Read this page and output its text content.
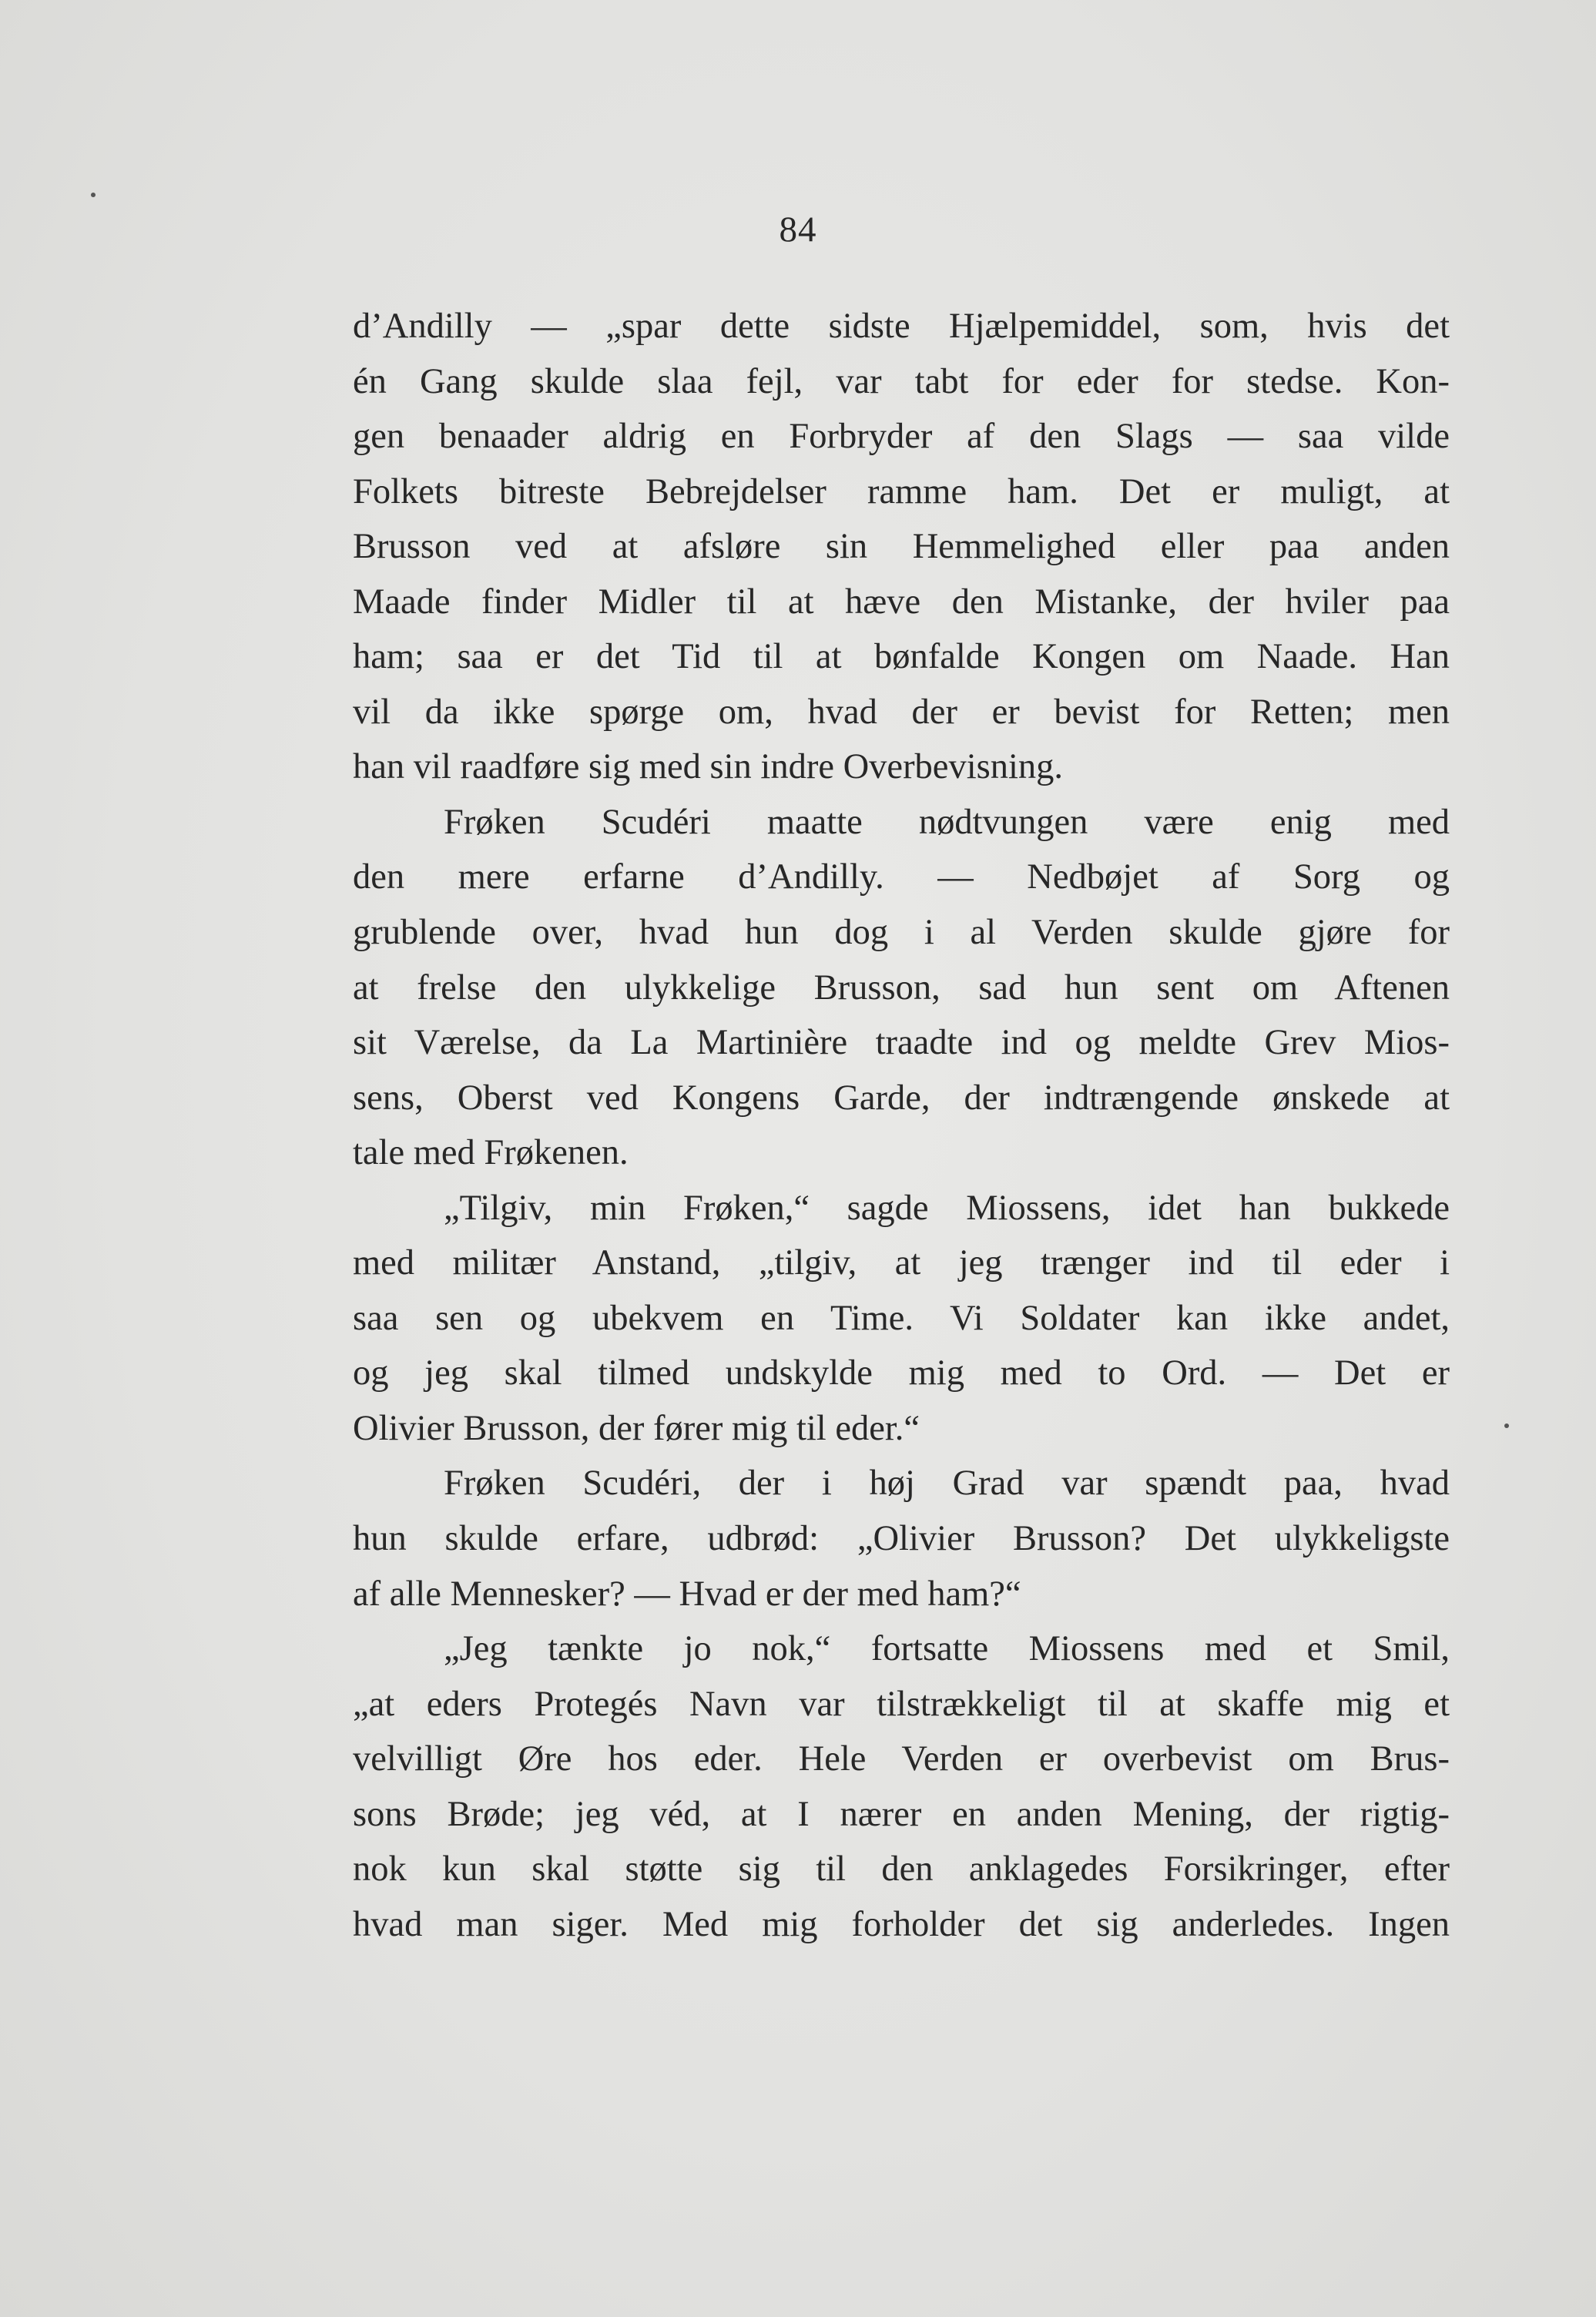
84
d’Andilly — „spar dette sidste Hjælpemiddel, som, hvis det
én Gang skulde slaa fejl, var tabt for eder for stedse. Kon-
gen benaader aldrig en Forbryder af den Slags — saa vilde
Folkets bitreste Bebrejdelser ramme ham. Det er muligt, at
Brusson ved at afsløre sin Hemmelighed eller paa anden
Maade finder Midler til at hæve den Mistanke, der hviler paa
ham; saa er det Tid til at bønfalde Kongen om Naade. Han
vil da ikke spørge om, hvad der er bevist for Retten; men
han vil raadføre sig med sin indre Overbevisning.
Frøken Scudéri maatte nødtvungen være enig med
den mere erfarne d’Andilly. — Nedbøjet af Sorg og
grublende over, hvad hun dog i al Verden skulde gjøre for
at frelse den ulykkelige Brusson, sad hun sent om Aftenen
sit Værelse, da La Martinière traadte ind og meldte Grev Mios-
sens, Oberst ved Kongens Garde, der indtrængende ønskede at
tale med Frøkenen.
„Tilgiv, min Frøken,“ sagde Miossens, idet han bukkede
med militær Anstand, „tilgiv, at jeg trænger ind til eder i
saa sen og ubekvem en Time. Vi Soldater kan ikke andet,
og jeg skal tilmed undskylde mig med to Ord. — Det er
Olivier Brusson, der fører mig til eder.“
Frøken Scudéri, der i høj Grad var spændt paa, hvad
hun skulde erfare, udbrød: „Olivier Brusson? Det ulykkeligste
af alle Mennesker? — Hvad er der med ham?“
„Jeg tænkte jo nok,“ fortsatte Miossens med et Smil,
„at eders Protegés Navn var tilstrækkeligt til at skaffe mig et
velvilligt Øre hos eder. Hele Verden er overbevist om Brus-
sons Brøde; jeg véd, at I nærer en anden Mening, der rigtig-
nok kun skal støtte sig til den anklagedes Forsikringer, efter
hvad man siger. Med mig forholder det sig anderledes. Ingen
